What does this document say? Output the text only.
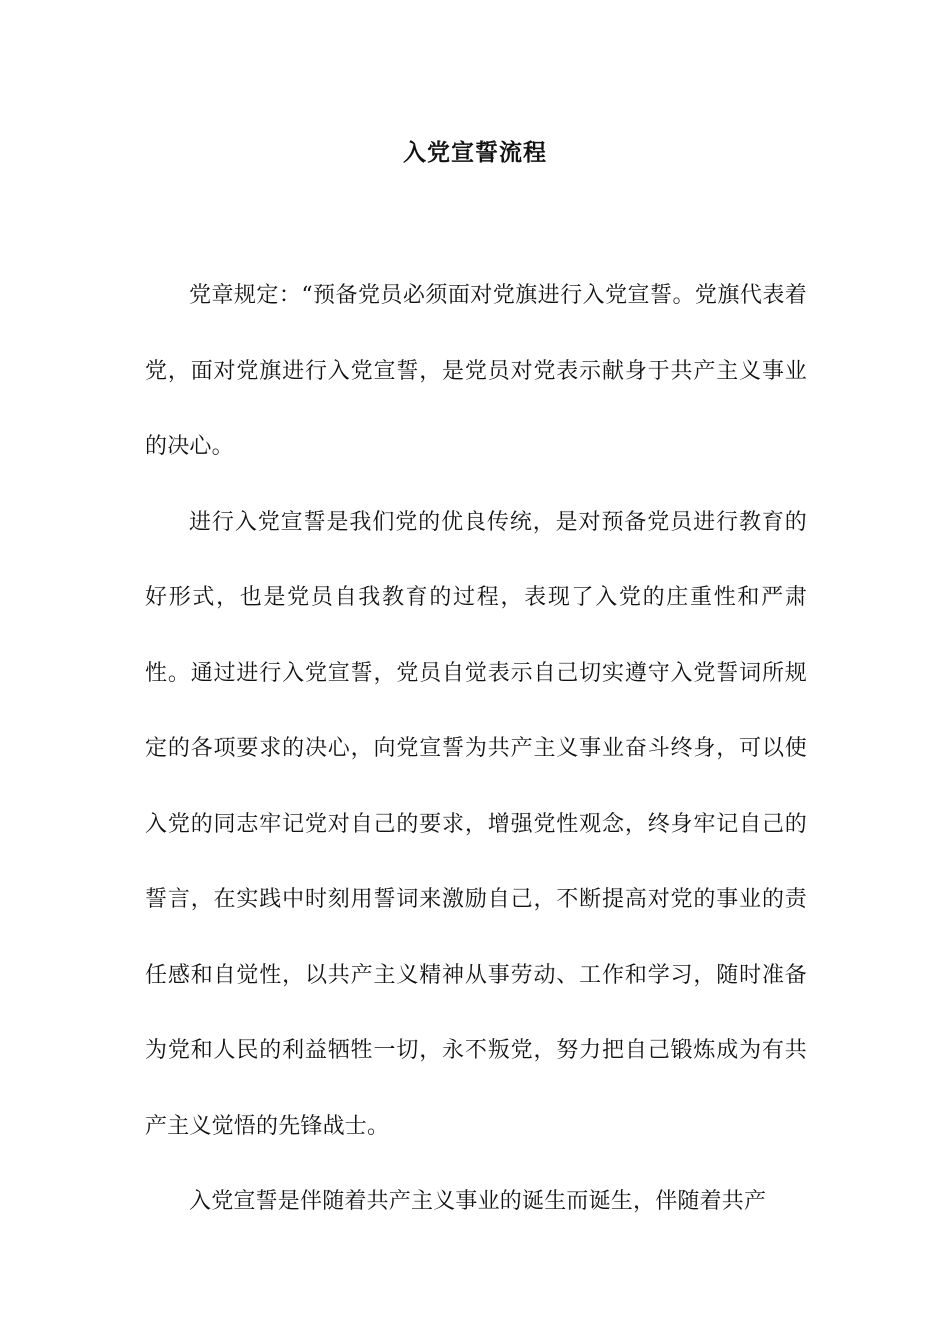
入党宣誓流程

党章规定：“预备党员必须面对党旗进行入党宣誓。党旗代表着党，面对党旗进行入党宣誓，是党员对党表示献身于共产主义事业的决心。

进行入党宣誓是我们党的优良传统，是对预备党员进行教育的好形式，也是党员自我教育的过程，表现了入党的庄重性和严肃性。通过进行入党宣誓，党员自觉表示自己切实遵守入党誓词所规定的各项要求的决心，向党宣誓为共产主义事业奋斗终身，可以使入党的同志牢记党对自己的要求，增强党性观念，终身牢记自己的誓言，在实践中时刻用誓词来激励自己，不断提高对党的事业的责任感和自觉性，以共产主义精神从事劳动、工作和学习，随时准备为党和人民的利益牺牲一切，永不叛党，努力把自己锻炼成为有共产主义觉悟的先锋战士。

入党宣誓是伴随着共产主义事业的诞生而诞生，伴随着共产
